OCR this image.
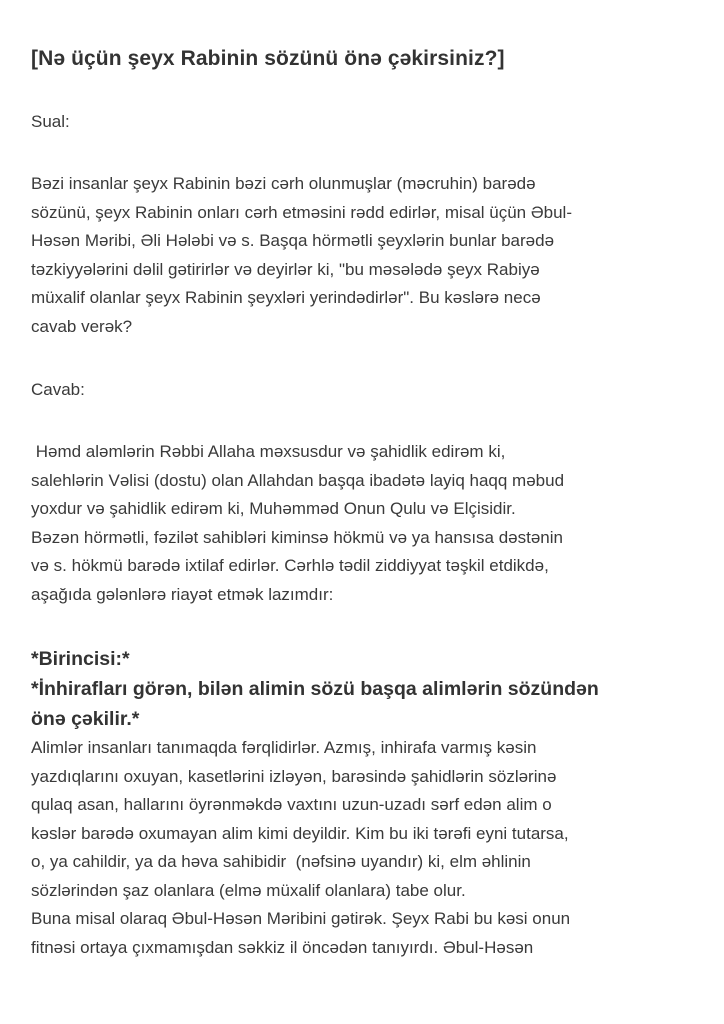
[Nə üçün şeyx Rabinin sözünü önə çəkirsiniz?]

Sual:

Bəzi insanlar şeyx Rabinin bəzi cərh olunmuşlar (məcruhin) barədə

sözünü, şeyx Rabinin onları cərh etməsini rədd edirlər, misal üçün Əbul-

Həsən Məribi, Əli Hələbi və s. Başqa hörmətli şeyxlərin bunlar barədə

təzkiyyələrini dəlil gətirirlər və deyirlər ki, "bu məsələdə şeyx Rabiyə

müxalif olanlar şeyx Rabinin şeyxləri yerindədirlər". Bu kəslərə necə

cavab verək?

Cavab:

Həmd aləmlərin Rəbbi Allaha məxsusdur və şahidlik edirəm ki,

salehlərin Vəlisi (dostu) olan Allahdan başqa ibadətə layiq haqq məbud

yoxdur və şahidlik edirəm ki, Muhəmməd Onun Qulu və Elçisidir.

Bəzən hörmətli, fəzilət sahibləri kiminsə hökmü və ya hansısa dəstənin

və s. hökmü barədə ixtilaf edirlər. Cərhlə tədil ziddiyyat təşkil etdikdə,

aşağıda gələnlərə riayət etmək lazımdır:

*Birincisi:*

*İnhirafları görən, bilən alimin sözü başqa alimlərin sözündən

önə çəkilir.*

Alimlər insanları tanımaqda fərqlidirlər. Azmış, inhirafa varmış kəsin

yazdıqlarını oxuyan, kasetlərini izləyən, barəsində şahidlərin sözlərinə

qulaq asan, hallarını öyrənməkdə vaxtını uzun-uzadı sərf edən alim o

kəslər barədə oxumayan alim kimi deyildir. Kim bu iki tərəfi eyni tutarsa,

o, ya cahildir, ya da həva sahibidir  (nəfsinə uyandır) ki, elm əhlinin

sözlərindən şaz olanlara (elmə müxalif olanlara) tabe olur.

Buna misal olaraq Əbul-Həsən Məribini gətirək. Şeyx Rabi bu kəsi onun

fitnəsi ortaya çıxmamışdan səkkiz il öncədən tanıyırdı. Əbul-Həsən
